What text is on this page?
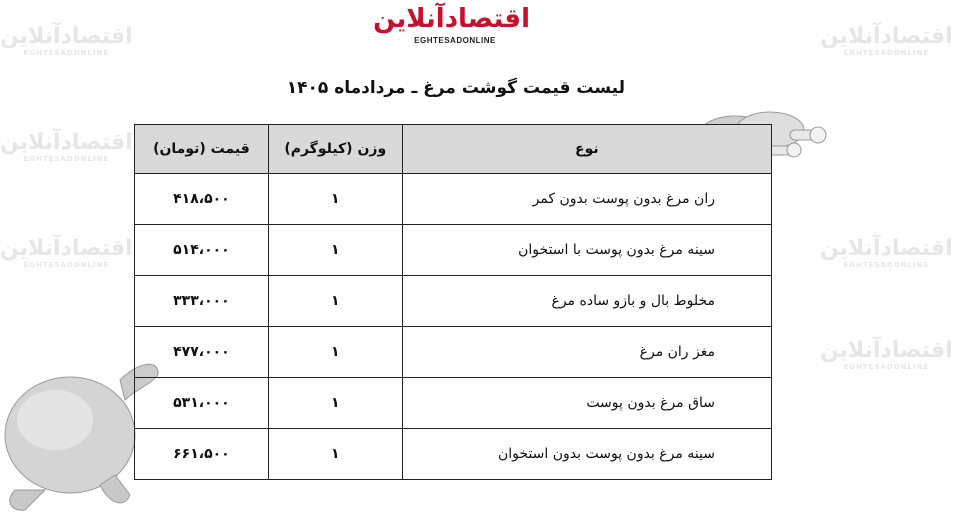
اقتصادآنلاین
EGHTESADONLINE
اقتصادآنلاین
EGHTESADONLINE
اقتصادآنلاین
EGHTESADONLINE
اقتصادآنلاین
EGHTESADONLINE
اقتصادآنلاین
EGHTESADONLINE
اقتصادآنلاین
EGHTESADONLINE
اقتصادآنلاین
EGHTESADONLINE
لیست قیمت گوشت مرغ ـ مردادماه ۱۴۰۵
نوع	وزن (کیلوگرم)	قیمت (تومان)
ران مرغ بدون پوست بدون کمر	۱	۴۱۸،۵۰۰
سینه مرغ بدون پوست با استخوان	۱	۵۱۴،۰۰۰
مخلوط بال و بازو ساده مرغ	۱	۳۳۳،۰۰۰
مغز ران مرغ	۱	۴۷۷،۰۰۰
ساق مرغ بدون پوست	۱	۵۳۱،۰۰۰
سینه مرغ بدون پوست بدون استخوان	۱	۶۶۱،۵۰۰
